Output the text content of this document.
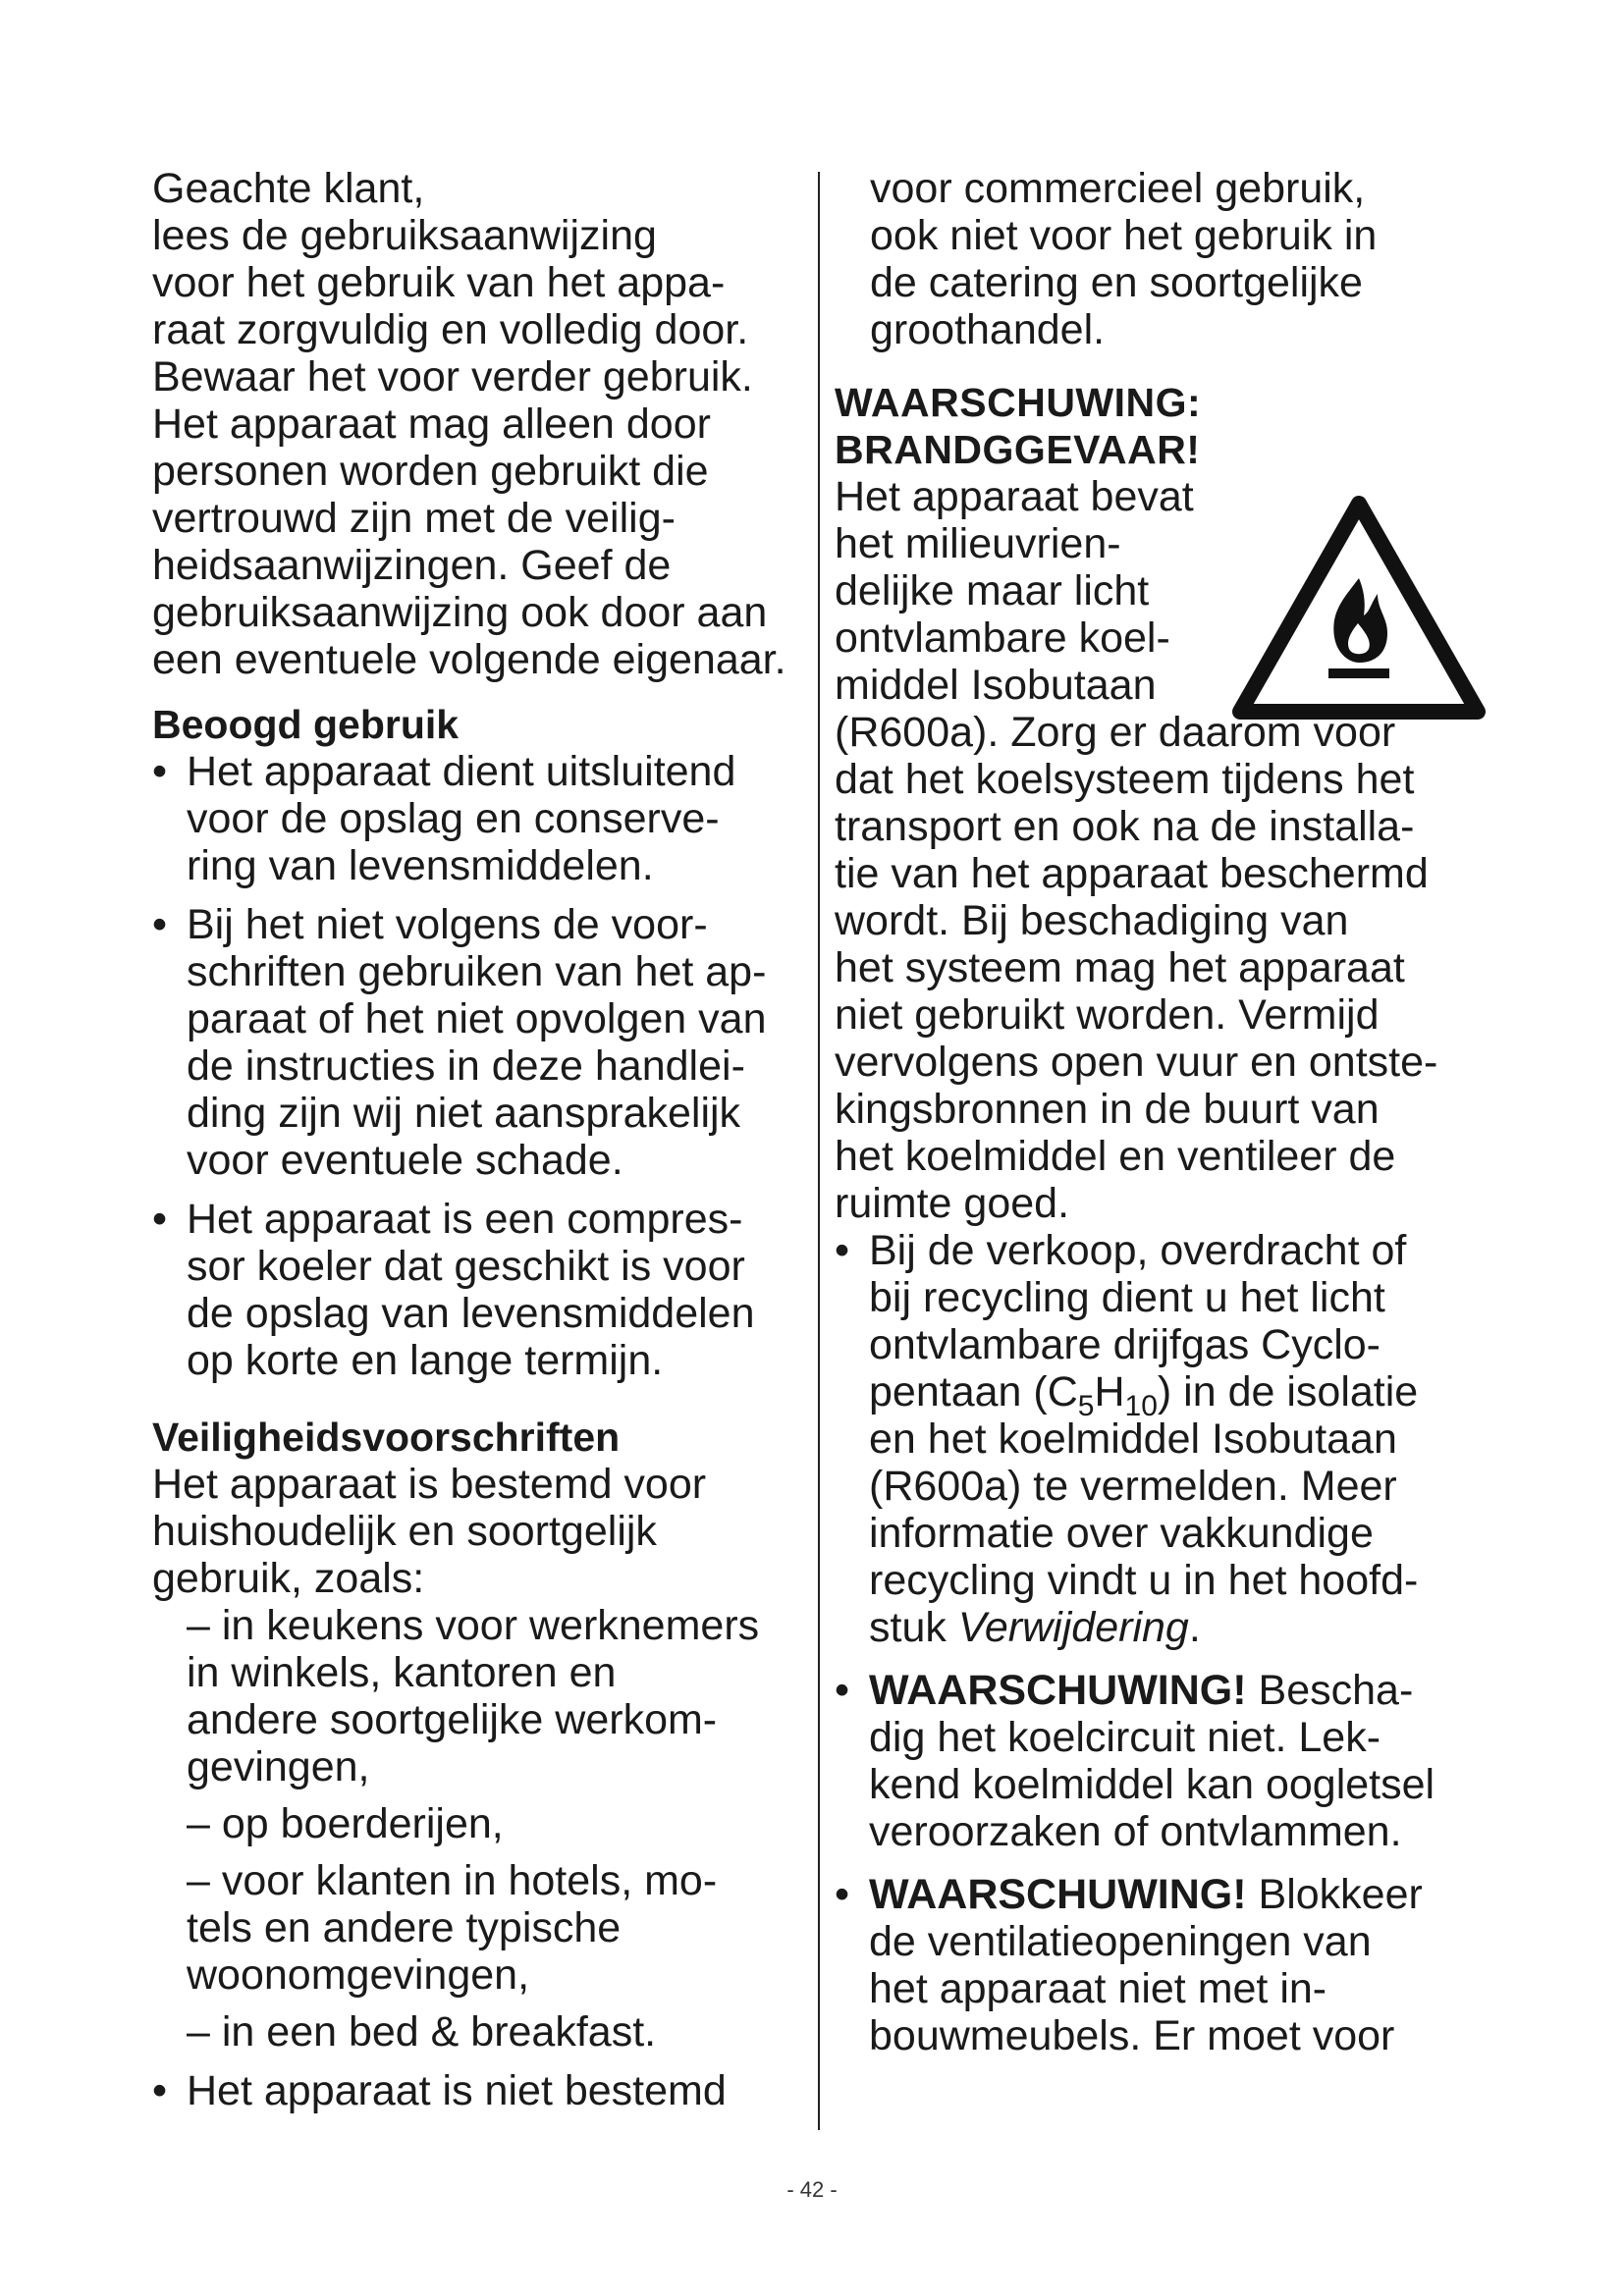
Geachte klant,

lees de gebruiksaanwijzing

voor het gebruik van het appa-

raat zorgvuldig en volledig door.

Bewaar het voor verder gebruik.

Het apparaat mag alleen door

personen worden gebruikt die

vertrouwd zijn met de veilig-

heidsaanwijzingen. Geef de

gebruiksaanwijzing ook door aan

een eventuele volgende eigenaar.

Beoogd gebruik

• Het apparaat dient uitsluitend

voor de opslag en conserve-

ring van levensmiddelen.

• Bij het niet volgens de voor-

schriften gebruiken van het ap-

paraat of het niet opvolgen van

de instructies in deze handlei-

ding zijn wij niet aansprakelijk

voor eventuele schade.

• Het apparaat is een compres-

sor koeler dat geschikt is voor

de opslag van levensmiddelen

op korte en lange termijn.

Veiligheidsvoorschriften

Het apparaat is bestemd voor

huishoudelijk en soortgelijk

gebruik, zoals:

– in keukens voor werknemers

in winkels, kantoren en

andere soortgelijke werkom-

gevingen,

– op boerderijen,

– voor klanten in hotels, mo-

tels en andere typische

woonomgevingen,

– in een bed & breakfast.

• Het apparaat is niet bestemd

voor commercieel gebruik,

ook niet voor het gebruik in

de catering en soortgelijke

groothandel.

WAARSCHUWING:

BRANDGGEVAAR!

Het apparaat bevat

het milieuvrien-

delijke maar licht

ontvlambare koel-

middel Isobutaan

(R600a). Zorg er daarom voor

dat het koelsysteem tijdens het

transport en ook na de installa-

tie van het apparaat beschermd

wordt. Bij beschadiging van

het systeem mag het apparaat

niet gebruikt worden. Vermijd

vervolgens open vuur en ontste-

kingsbronnen in de buurt van

het koelmiddel en ventileer de

ruimte goed.

• Bij de verkoop, overdracht of

bij recycling dient u het licht

ontvlambare drijfgas Cyclo-

pentaan $(C_5H_{10})$ in de isolatie

en het koelmiddel Isobutaan

(R600a) te vermelden. Meer

informatie over vakkundige

recycling vindt u in het hoofd-

stuk Verwijdering.

• WAARSCHUWING! Bescha-

dig het koelcircuit niet. Lek-

kend koelmiddel kan oogletsel

veroorzaken of ontvlammen.

• WAARSCHUWING! Blokkeer

de ventilatieopeningen van

het apparaat niet met in-

bouwmeubels. Er moet voor

- 42 -
